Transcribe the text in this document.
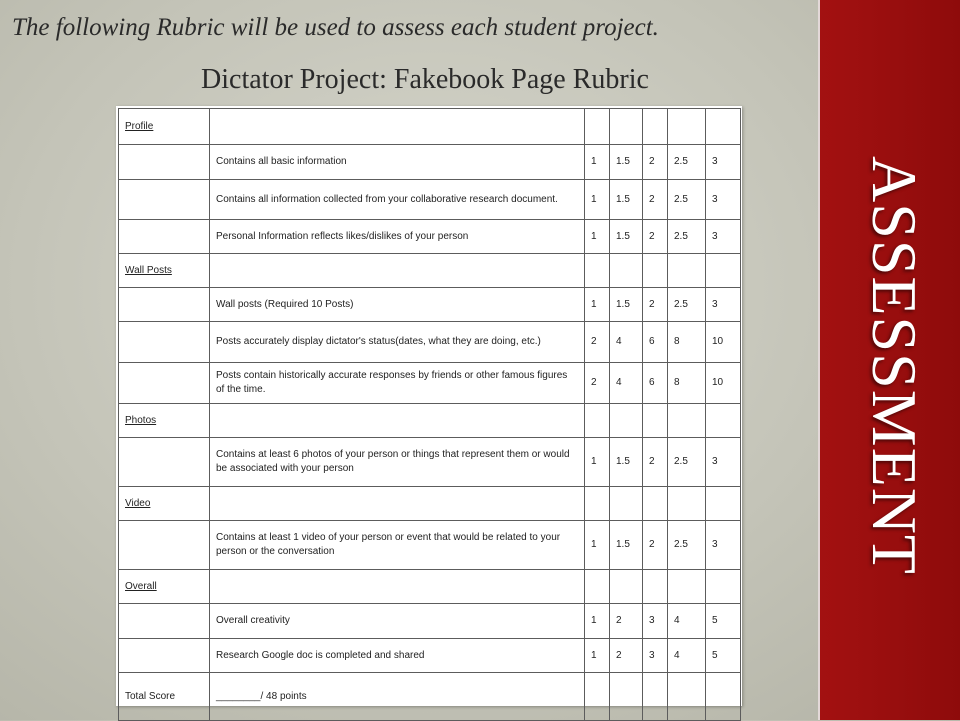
The following Rubric will be used to assess each student project.
Dictator Project: Fakebook Page Rubric
ASSESSMENT
Profile						
	Contains all basic information	1	1.5	2	2.5	3
	Contains all information collected from your collaborative research document.	1	1.5	2	2.5	3
	Personal Information reflects likes/dislikes of your person	1	1.5	2	2.5	3
Wall Posts						
	Wall posts (Required 10 Posts)	1	1.5	2	2.5	3
	Posts accurately display dictator's status(dates, what they are doing, etc.)	2	4	6	8	10
	Posts contain historically accurate responses by friends or other famous figures of the time.	2	4	6	8	10
Photos						
	Contains at least 6 photos of your person or things that represent them or would be associated with your person	1	1.5	2	2.5	3
Video						
	Contains at least 1 video of your person or event that would be related to your person or the conversation	1	1.5	2	2.5	3
Overall						
	Overall creativity	1	2	3	4	5
	Research Google doc is completed and shared	1	2	3	4	5
Total Score	________/ 48 points					
